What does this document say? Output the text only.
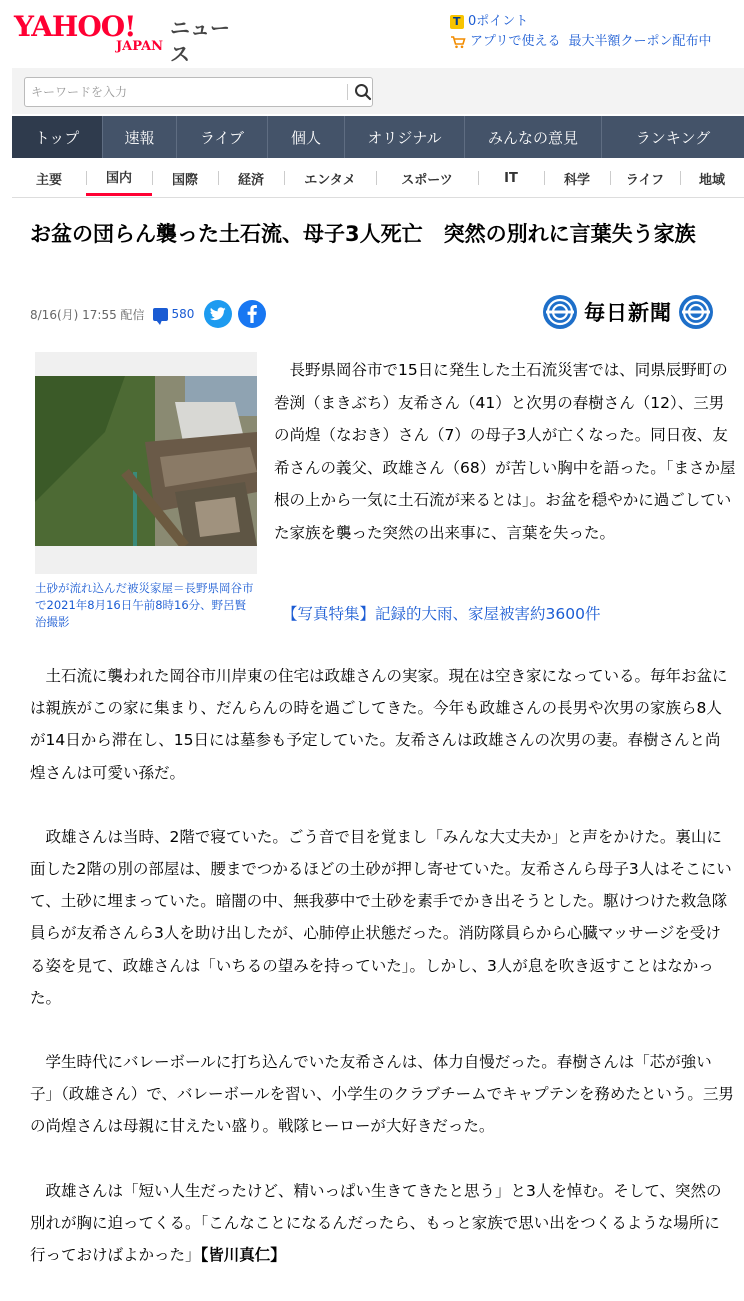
YAHOO!
JAPAN
ニュース
T
0ポイント
アプリで使える 最大半額クーポン配布中
キーワードを入力
トップ	速報	ライブ	個人	オリジナル	みんなの意見	ランキング
主要	国内	国際	経済	エンタメ	スポーツ	IT	科学	ライフ	地域
お盆の団らん襲った土石流、母子3人死亡　突然の別れに言葉失う家族
8/16(月) 17:55 配信 580	毎日新聞
土砂が流れ込んだ被災家屋＝長野県岡谷市で2021年8月16日午前8時16分、野呂賢治撮影
長野県岡谷市で15日に発生した土石流災害では、同県辰野町の巻渕（まきぶち）友希さん（41）と次男の春樹さん（12）、三男の尚煌（なおき）さん（7）の母子3人が亡くなった。同日夜、友希さんの義父、政雄さん（68）が苦しい胸中を語った。「まさか屋根の上から一気に土石流が来るとは」。お盆を穏やかに過ごしていた家族を襲った突然の出来事に、言葉を失った。
【写真特集】記録的大雨、家屋被害約3600件

土石流に襲われた岡谷市川岸東の住宅は政雄さんの実家。現在は空き家になっている。毎年お盆には親族がこの家に集まり、だんらんの時を過ごしてきた。今年も政雄さんの長男や次男の家族ら8人が14日から滞在し、15日には墓参も予定していた。友希さんは政雄さんの次男の妻。春樹さんと尚煌さんは可愛い孫だ。

政雄さんは当時、2階で寝ていた。ごう音で目を覚まし「みんな大丈夫か」と声をかけた。裏山に面した2階の別の部屋は、腰までつかるほどの土砂が押し寄せていた。友希さんら母子3人はそこにいて、土砂に埋まっていた。暗闇の中、無我夢中で土砂を素手でかき出そうとした。駆けつけた救急隊員らが友希さんら3人を助け出したが、心肺停止状態だった。消防隊員らから心臓マッサージを受ける姿を見て、政雄さんは「いちるの望みを持っていた」。しかし、3人が息を吹き返すことはなかった。

学生時代にバレーボールに打ち込んでいた友希さんは、体力自慢だった。春樹さんは「芯が強い子」（政雄さん）で、バレーボールを習い、小学生のクラブチームでキャプテンを務めたという。三男の尚煌さんは母親に甘えたい盛り。戦隊ヒーローが大好きだった。

政雄さんは「短い人生だったけど、精いっぱい生きてきたと思う」と3人を悼む。そして、突然の別れが胸に迫ってくる。「こんなことになるんだったら、もっと家族で思い出をつくるような場所に行っておけばよかった」【皆川真仁】
